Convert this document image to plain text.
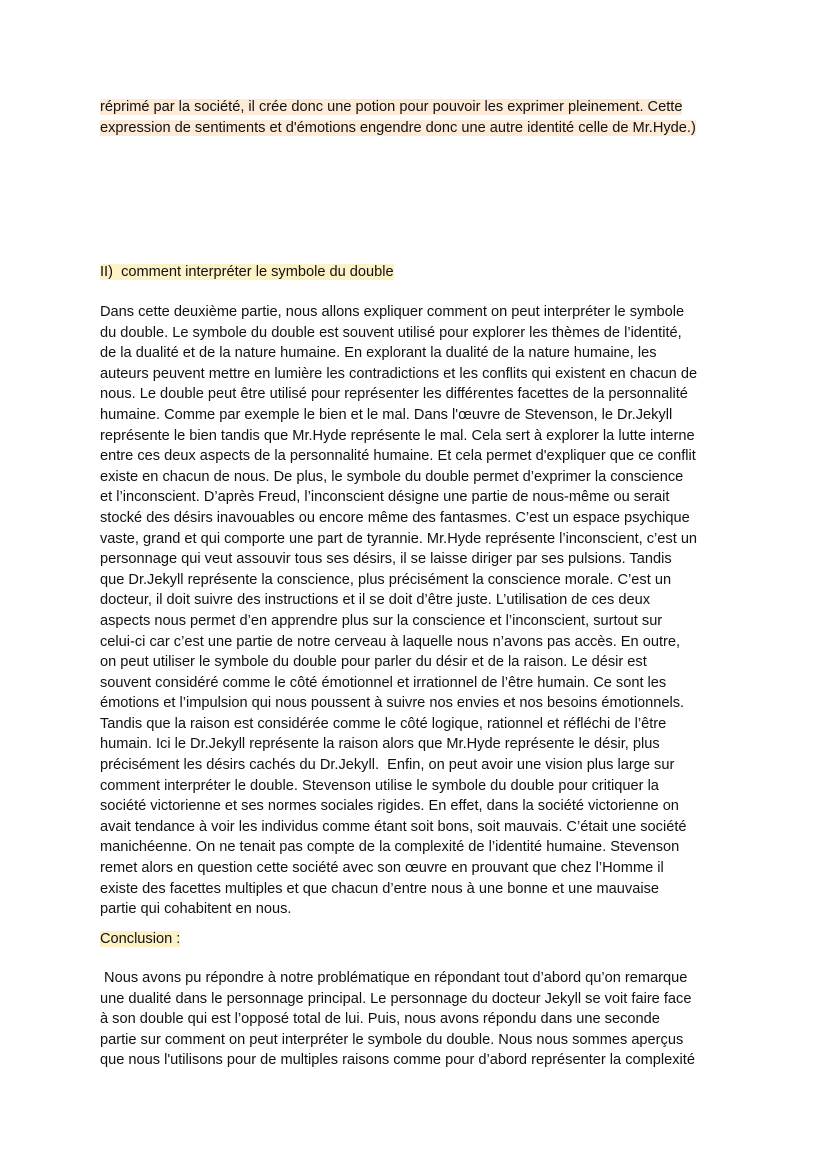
réprimé par la société, il crée donc une potion pour pouvoir les exprimer pleinement. Cette
expression de sentiments et d'émotions engendre donc une autre identité celle de Mr.Hyde.)
II)  comment interpréter le symbole du double
Dans cette deuxième partie, nous allons expliquer comment on peut interpréter le symbole
du double. Le symbole du double est souvent utilisé pour explorer les thèmes de l’identité,
de la dualité et de la nature humaine. En explorant la dualité de la nature humaine, les
auteurs peuvent mettre en lumière les contradictions et les conflits qui existent en chacun de
nous. Le double peut être utilisé pour représenter les différentes facettes de la personnalité
humaine. Comme par exemple le bien et le mal. Dans l'œuvre de Stevenson, le Dr.Jekyll
représente le bien tandis que Mr.Hyde représente le mal. Cela sert à explorer la lutte interne
entre ces deux aspects de la personnalité humaine. Et cela permet d'expliquer que ce conflit
existe en chacun de nous. De plus, le symbole du double permet d’exprimer la conscience
et l’inconscient. D’après Freud, l’inconscient désigne une partie de nous-même ou serait
stocké des désirs inavouables ou encore même des fantasmes. C’est un espace psychique
vaste, grand et qui comporte une part de tyrannie. Mr.Hyde représente l’inconscient, c’est un
personnage qui veut assouvir tous ses désirs, il se laisse diriger par ses pulsions. Tandis
que Dr.Jekyll représente la conscience, plus précisément la conscience morale. C’est un
docteur, il doit suivre des instructions et il se doit d’être juste. L’utilisation de ces deux
aspects nous permet d’en apprendre plus sur la conscience et l’inconscient, surtout sur
celui-ci car c’est une partie de notre cerveau à laquelle nous n’avons pas accès. En outre,
on peut utiliser le symbole du double pour parler du désir et de la raison. Le désir est
souvent considéré comme le côté émotionnel et irrationnel de l’être humain. Ce sont les
émotions et l’impulsion qui nous poussent à suivre nos envies et nos besoins émotionnels.
Tandis que la raison est considérée comme le côté logique, rationnel et réfléchi de l’être
humain. Ici le Dr.Jekyll représente la raison alors que Mr.Hyde représente le désir, plus
précisément les désirs cachés du Dr.Jekyll.  Enfin, on peut avoir une vision plus large sur
comment interpréter le double. Stevenson utilise le symbole du double pour critiquer la
société victorienne et ses normes sociales rigides. En effet, dans la société victorienne on
avait tendance à voir les individus comme étant soit bons, soit mauvais. C’était une société
manichéenne. On ne tenait pas compte de la complexité de l’identité humaine. Stevenson
remet alors en question cette société avec son œuvre en prouvant que chez l’Homme il
existe des facettes multiples et que chacun d’entre nous à une bonne et une mauvaise
partie qui cohabitent en nous.
Conclusion :
Nous avons pu répondre à notre problématique en répondant tout d’abord qu’on remarque
une dualité dans le personnage principal. Le personnage du docteur Jekyll se voit faire face
à son double qui est l’opposé total de lui. Puis, nous avons répondu dans une seconde
partie sur comment on peut interpréter le symbole du double. Nous nous sommes aperçus
que nous l'utilisons pour de multiples raisons comme pour d’abord représenter la complexité
